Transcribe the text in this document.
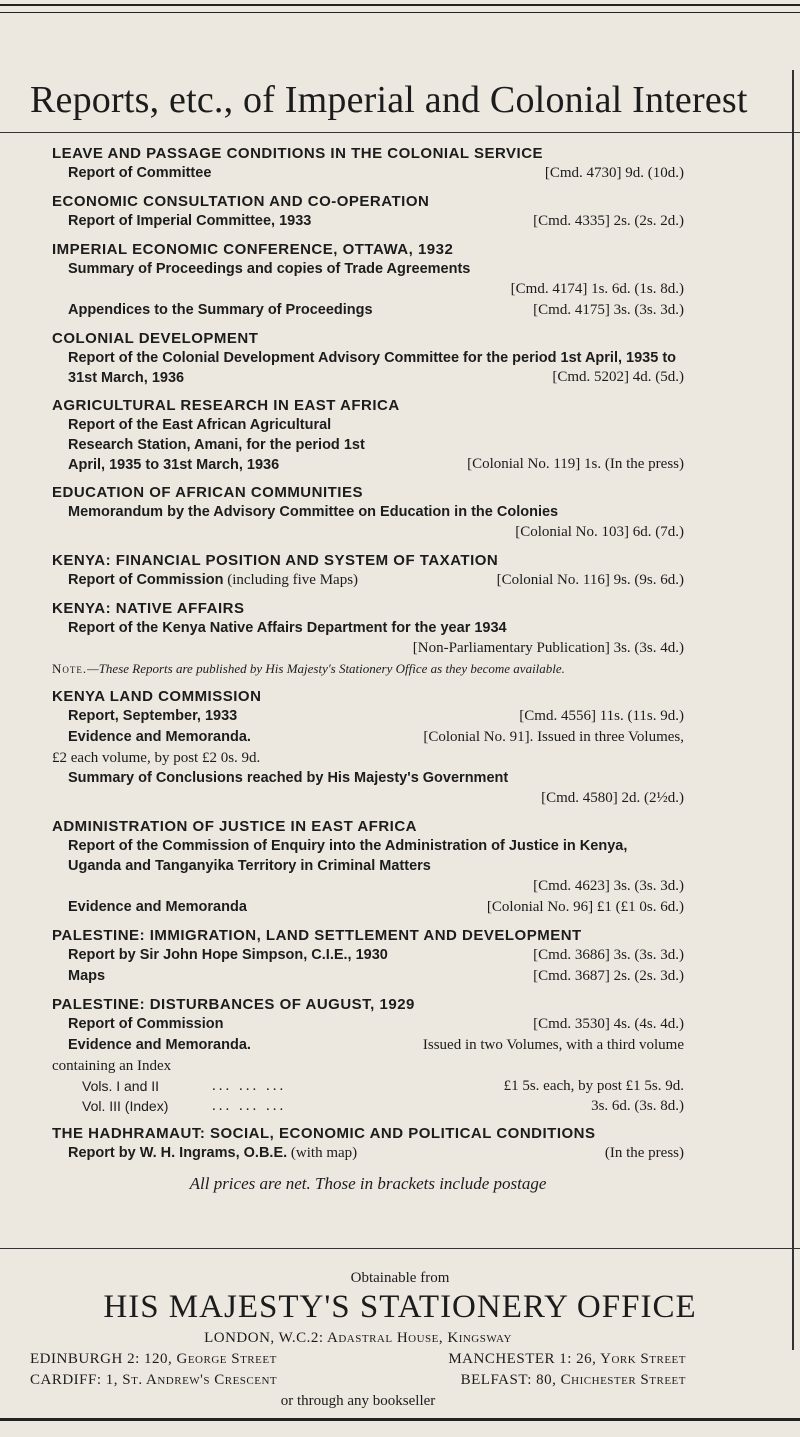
Reports, etc., of Imperial and Colonial Interest
LEAVE AND PASSAGE CONDITIONS IN THE COLONIAL SERVICE
Report of Committee	[Cmd. 4730] 9d. (10d.)
ECONOMIC CONSULTATION AND CO-OPERATION
Report of Imperial Committee, 1933	[Cmd. 4335] 2s. (2s. 2d.)
IMPERIAL ECONOMIC CONFERENCE, OTTAWA, 1932
Summary of Proceedings and copies of Trade Agreements
[Cmd. 4174] 1s. 6d. (1s. 8d.)
Appendices to the Summary of Proceedings	[Cmd. 4175] 3s. (3s. 3d.)
COLONIAL DEVELOPMENT
Report of the Colonial Development Advisory Committee for the period 1st April, 1935 to 31st March, 1936	[Cmd. 5202] 4d. (5d.)
AGRICULTURAL RESEARCH IN EAST AFRICA
Report of the East African Agricultural Research Station, Amani, for the period 1st April, 1935 to 31st March, 1936	[Colonial No. 119] 1s. (In the press)
EDUCATION OF AFRICAN COMMUNITIES
Memorandum by the Advisory Committee on Education in the Colonies
[Colonial No. 103] 6d. (7d.)
KENYA: FINANCIAL POSITION AND SYSTEM OF TAXATION
Report of Commission (including five Maps)	[Colonial No. 116] 9s. (9s. 6d.)
KENYA: NATIVE AFFAIRS
Report of the Kenya Native Affairs Department for the year 1934
[Non-Parliamentary Publication] 3s. (3s. 4d.)
Note.—These Reports are published by His Majesty's Stationery Office as they become available.
KENYA LAND COMMISSION
Report, September, 1933	[Cmd. 4556] 11s. (11s. 9d.)
Evidence and Memoranda.	[Colonial No. 91]. Issued in three Volumes,
£2 each volume, by post £2 0s. 9d.
Summary of Conclusions reached by His Majesty's Government
[Cmd. 4580] 2d. (2½d.)
ADMINISTRATION OF JUSTICE IN EAST AFRICA
Report of the Commission of Enquiry into the Administration of Justice in Kenya, Uganda and Tanganyika Territory in Criminal Matters
[Cmd. 4623] 3s. (3s. 3d.)
Evidence and Memoranda	[Colonial No. 96] £1 (£1 0s. 6d.)
PALESTINE: IMMIGRATION, LAND SETTLEMENT AND DEVELOPMENT
Report by Sir John Hope Simpson, C.I.E., 1930	[Cmd. 3686] 3s. (3s. 3d.)
Maps	[Cmd. 3687] 2s. (2s. 3d.)
PALESTINE: DISTURBANCES OF AUGUST, 1929
Report of Commission	[Cmd. 3530] 4s. (4s. 4d.)
Evidence and Memoranda.	Issued in two Volumes, with a third volume
containing an Index
Vols. I and II	... ... ...	£1 5s. each, by post £1 5s. 9d.
Vol. III (Index)	... ... ...	3s. 6d. (3s. 8d.)
THE HADHRAMAUT: SOCIAL, ECONOMIC AND POLITICAL CONDITIONS
Report by W. H. Ingrams, O.B.E. (with map)	(In the press)
All prices are net. Those in brackets include postage
Obtainable from
HIS MAJESTY'S STATIONERY OFFICE
LONDON, W.C.2: Adastral House, Kingsway
EDINBURGH 2: 120, George Street	MANCHESTER 1: 26, York Street
CARDIFF: 1, St. Andrew's Crescent	BELFAST: 80, Chichester Street
or through any bookseller
